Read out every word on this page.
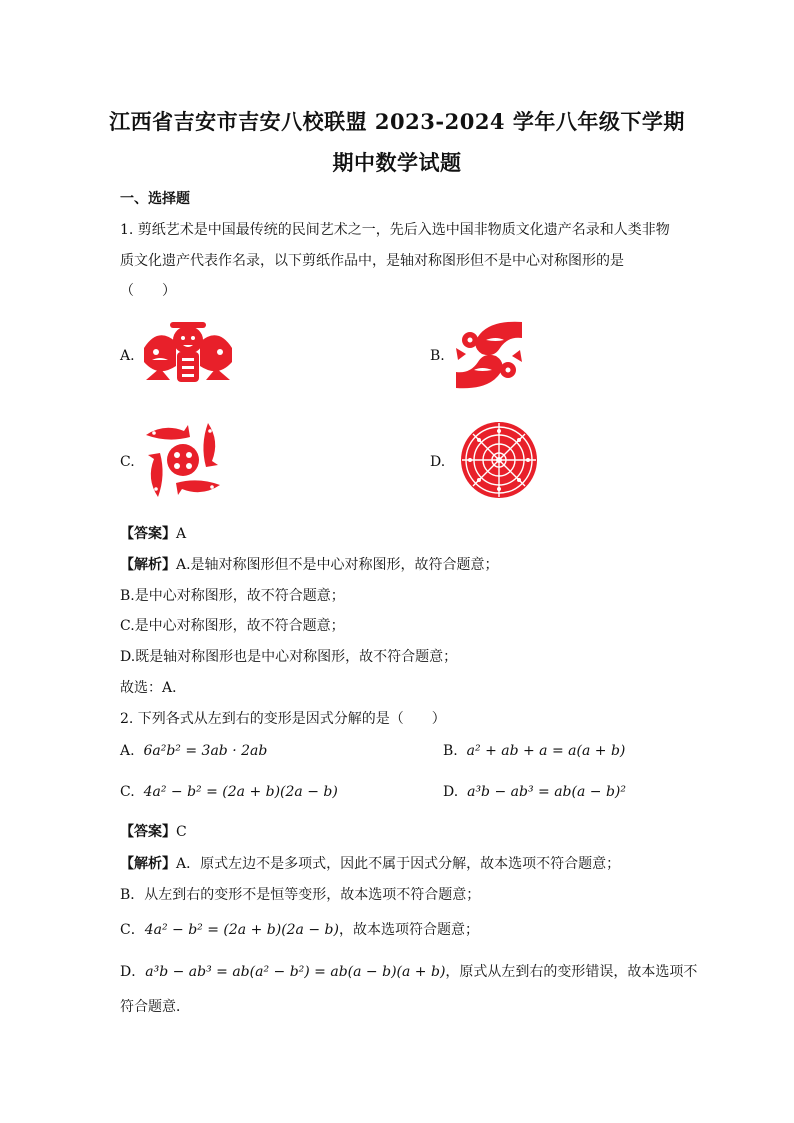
江西省吉安市吉安八校联盟 2023-2024 学年八年级下学期
期中数学试题
一、选择题
1. 剪纸艺术是中国最传统的民间艺术之一，先后入选中国非物质文化遗产名录和人类非物
质文化遗产代表作名录，以下剪纸作品中，是轴对称图形但不是中心对称图形的是
（　　）
A.	B.
C.	D.
【答案】A
【解析】A.是轴对称图形但不是中心对称图形，故符合题意；
B.是中心对称图形，故不符合题意；
C.是中心对称图形，故不符合题意；
D.既是轴对称图形也是中心对称图形，故不符合题意；
故选：A．
2. 下列各式从左到右的变形是因式分解的是（　　）
A. 6a²b² = 3ab · 2ab	B. a² + ab + a = a(a + b)
C. 4a² − b² = (2a + b)(2a − b)	D. a³b − ab³ = ab(a − b)²
【答案】C
【解析】A．原式左边不是多项式，因此不属于因式分解，故本选项不符合题意；
B．从左到右的变形不是恒等变形，故本选项不符合题意；
C．4a² − b² = (2a + b)(2a − b)，故本选项符合题意；
D．a³b − ab³ = ab(a² − b²) = ab(a − b)(a + b)，原式从左到右的变形错误，故本选项不
符合题意．
